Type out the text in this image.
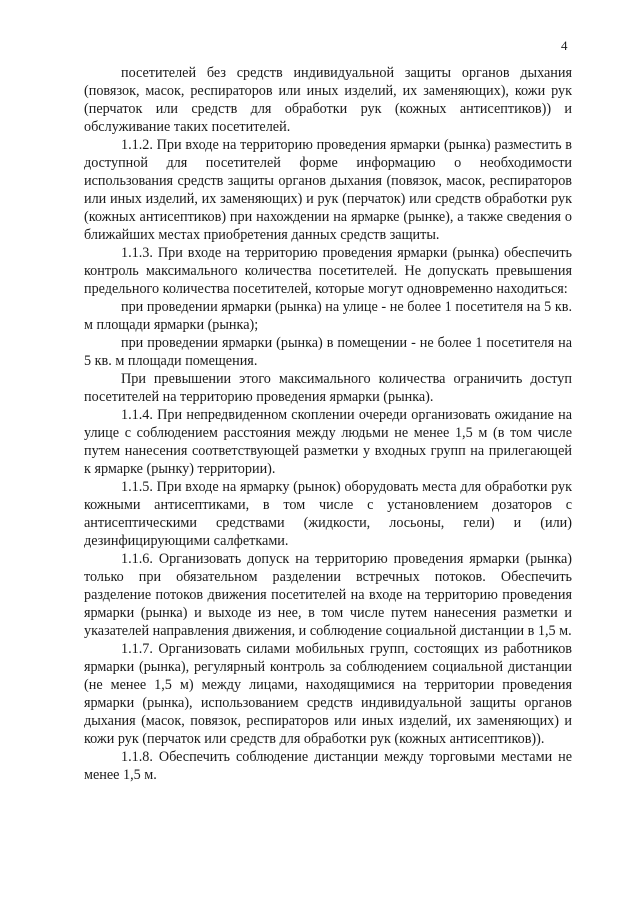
4

посетителей без средств индивидуальной защиты органов дыхания (повязок, масок, респираторов или иных изделий, их заменяющих), кожи рук (перчаток или средств для обработки рук (кожных антисептиков)) и обслуживание таких посетителей.

1.1.2. При входе на территорию проведения ярмарки (рынка) разместить в доступной для посетителей форме информацию о необходимости использования средств защиты органов дыхания (повязок, масок, респираторов или иных изделий, их заменяющих) и рук (перчаток) или средств обработки рук (кожных антисептиков) при нахождении на ярмарке (рынке), а также сведения о ближайших местах приобретения данных средств защиты.

1.1.3. При входе на территорию проведения ярмарки (рынка) обеспечить контроль максимального количества посетителей. Не допускать превышения предельного количества посетителей, которые могут одновременно находиться:

при проведении ярмарки (рынка) на улице - не более 1 посетителя на 5 кв. м площади ярмарки (рынка);

при проведении ярмарки (рынка) в помещении - не более 1 посетителя на 5 кв. м площади помещения.

При превышении этого максимального количества ограничить доступ посетителей на территорию проведения ярмарки (рынка).

1.1.4. При непредвиденном скоплении очереди организовать ожидание на улице с соблюдением расстояния между людьми не менее 1,5 м (в том числе путем нанесения соответствующей разметки у входных групп на прилегающей к ярмарке (рынку) территории).

1.1.5. При входе на ярмарку (рынок) оборудовать места для обработки рук кожными антисептиками, в том числе с установлением дозаторов с антисептическими средствами (жидкости, лосьоны, гели) и (или) дезинфицирующими салфетками.

1.1.6. Организовать допуск на территорию проведения ярмарки (рынка) только при обязательном разделении встречных потоков. Обеспечить разделение потоков движения посетителей на входе на территорию проведения ярмарки (рынка) и выходе из нее, в том числе путем нанесения разметки и указателей направления движения, и соблюдение социальной дистанции в 1,5 м.

1.1.7. Организовать силами мобильных групп, состоящих из работников ярмарки (рынка), регулярный контроль за соблюдением социальной дистанции (не менее 1,5 м) между лицами, находящимися на территории проведения ярмарки (рынка), использованием средств индивидуальной защиты органов дыхания (масок, повязок, респираторов или иных изделий, их заменяющих) и кожи рук (перчаток или средств для обработки рук (кожных антисептиков)).

1.1.8. Обеспечить соблюдение дистанции между торговыми местами не менее 1,5 м.
